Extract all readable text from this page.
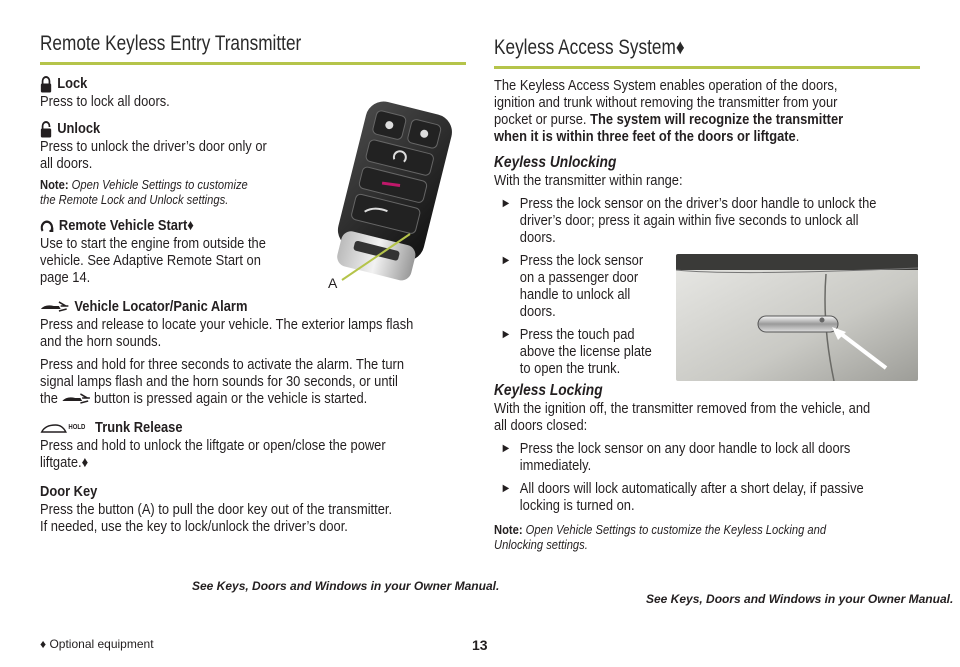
Remote Keyless Entry Transmitter
Lock
Press to lock all doors.
Unlock
Press to unlock the driver’s door only or
all doors.
Note: Open Vehicle Settings to customize
the Remote Lock and Unlock settings.
Remote Vehicle Start♦
Use to start the engine from outside the
vehicle. See Adaptive Remote Start on
page 14.
Vehicle Locator/Panic Alarm
Press and release to locate your vehicle. The exterior lamps flash
and the horn sounds.
Press and hold for three seconds to activate the alarm. The turn
signal lamps flash and the horn sounds for 30 seconds, or until
the button is pressed again or the vehicle is started.
HOLD Trunk Release
Press and hold to unlock the liftgate or open/close the power
liftgate.♦
Door Key
Press the button (A) to pull the door key out of the transmitter.
If needed, use the key to lock/unlock the driver’s door.
See Keys, Doors and Windows in your Owner Manual.
A
Keyless Access System♦
The Keyless Access System enables operation of the doors,
ignition and trunk without removing the transmitter from your
pocket or purse. The system will recognize the transmitter
when it is within three feet of the doors or liftgate.
Keyless Unlocking
With the transmitter within range:
▶ Press the lock sensor on the driver’s door handle to unlock the
driver’s door; press it again within five seconds to unlock all
doors.
▶ Press the lock sensor
on a passenger door
handle to unlock all
doors.
▶ Press the touch pad
above the license plate
to open the trunk.
Keyless Locking
With the ignition off, the transmitter removed from the vehicle, and
all doors closed:
▶ Press the lock sensor on any door handle to lock all doors
immediately.
▶ All doors will lock automatically after a short delay, if passive
locking is turned on.
Note: Open Vehicle Settings to customize the Keyless Locking and
Unlocking settings.
See Keys, Doors and Windows in your Owner Manual.
♦ Optional equipment	13
